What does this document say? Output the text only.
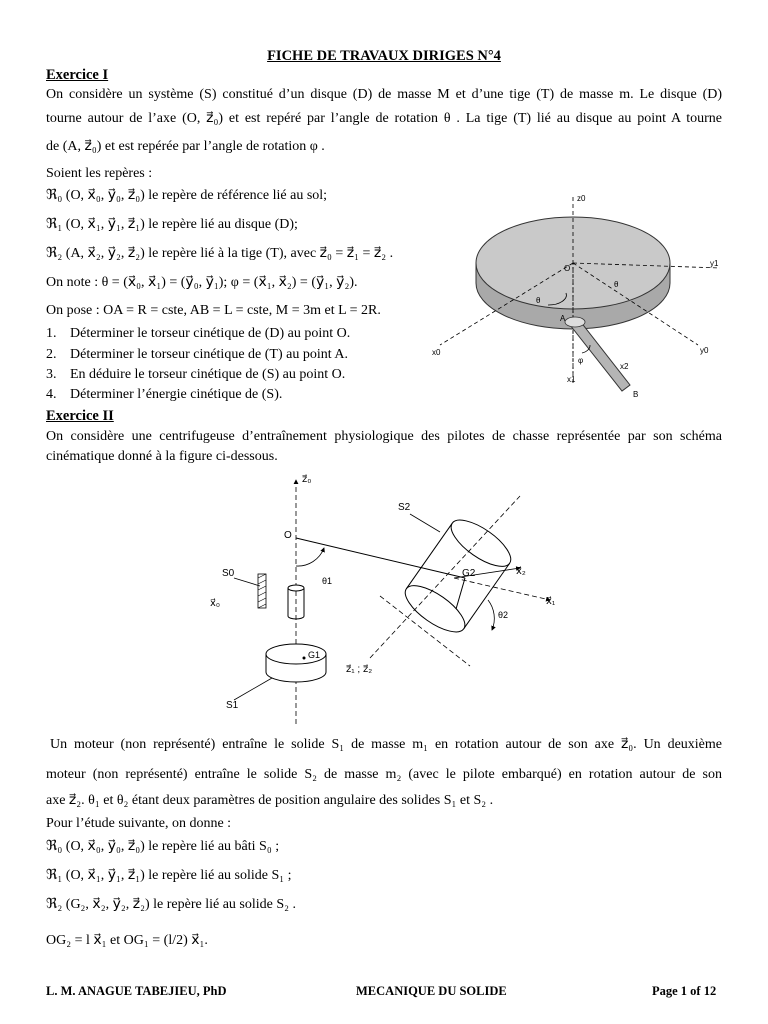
FICHE DE TRAVAUX DIRIGES N°4
Exercice I
On considère un système (S) constitué d’un disque (D) de masse M et d’une tige (T) de masse m. Le disque (D)
tourne autour de l’axe (O, z⃗₀) et est repéré par l’angle de rotation θ . La tige (T) lié au disque au point A tourne
de (A, z⃗₀) et est repérée par l’angle de rotation φ .
Soient les repères :
ℜ₀ (O, x⃗₀, y⃗₀, z⃗₀) le repère de référence lié au sol;
ℜ₁ (O, x⃗₁, y⃗₁, z⃗₁) le repère lié au disque (D);
ℜ₂ (A, x⃗₂, y⃗₂, z⃗₂) le repère lié à la tige (T), avec z⃗₀ = z⃗₁ = z⃗₂ .
On note : θ = (x⃗₀, x⃗₁) = (y⃗₀, y⃗₁); φ = (x⃗₁, x⃗₂) = (y⃗₁, y⃗₂).
On pose : OA = R = cste, AB = L = cste, M = 3m et L = 2R.
1. Déterminer le torseur cinétique de (D) au point O.
2. Déterminer le torseur cinétique de (T) au point A.
3. En déduire le torseur cinétique de (S) au point O.
4. Déterminer l’énergie cinétique de (S).
z0
y1
x0	y0
x1
x2
O
A
B
θ
θ
φ
Exercice II
On considère une centrifugeuse d’entraînement physiologique des pilotes de chasse représentée par son schéma
cinématique donné à la figure ci-dessous.
z⃗₀
S2
O
S0
x⃗₀
θ1
G2	x⃗₂
x⃗₁
θ2
G1
z⃗₁ ; z⃗₂
S1
Un moteur (non représenté) entraîne le solide S₁ de masse m₁ en rotation autour de son axe z⃗₀. Un deuxième
moteur (non représenté) entraîne le solide S₂ de masse m₂ (avec le pilote embarqué) en rotation autour de son
axe z⃗₂. θ₁ et θ₂ étant deux paramètres de position angulaire des solides S₁ et S₂ .
Pour l’étude suivante, on donne :
ℜ₀ (O, x⃗₀, y⃗₀, z⃗₀) le repère lié au bâti S₀ ;
ℜ₁ (O, x⃗₁, y⃗₁, z⃗₁) le repère lié au solide S₁ ;
ℜ₂ (G₂, x⃗₂, y⃗₂, z⃗₂) le repère lié au solide S₂ .
OG₂ = l x⃗₁ et OG₁ = (l/2) x⃗₁.
L. M. ANAGUE TABEJIEU, PhD	MECANIQUE DU SOLIDE	Page 1 of 12
